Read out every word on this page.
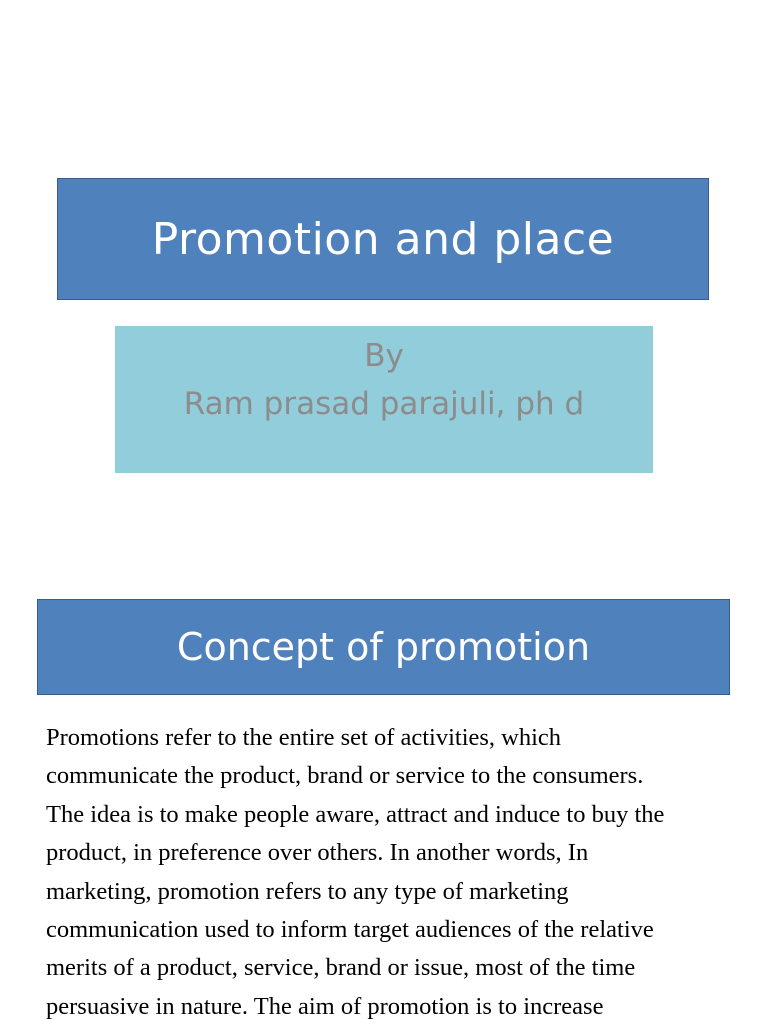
Promotion and place
By
Ram prasad parajuli, ph d
Concept of promotion

Promotions refer to the entire set of activities, which
communicate the product, brand or service to the consumers.
The idea is to make people aware, attract and induce to buy the
product, in preference over others. In another words, In
marketing, promotion refers to any type of marketing
communication used to inform target audiences of the relative
merits of a product, service, brand or issue, most of the time
persuasive in nature. The aim of promotion is to increase
